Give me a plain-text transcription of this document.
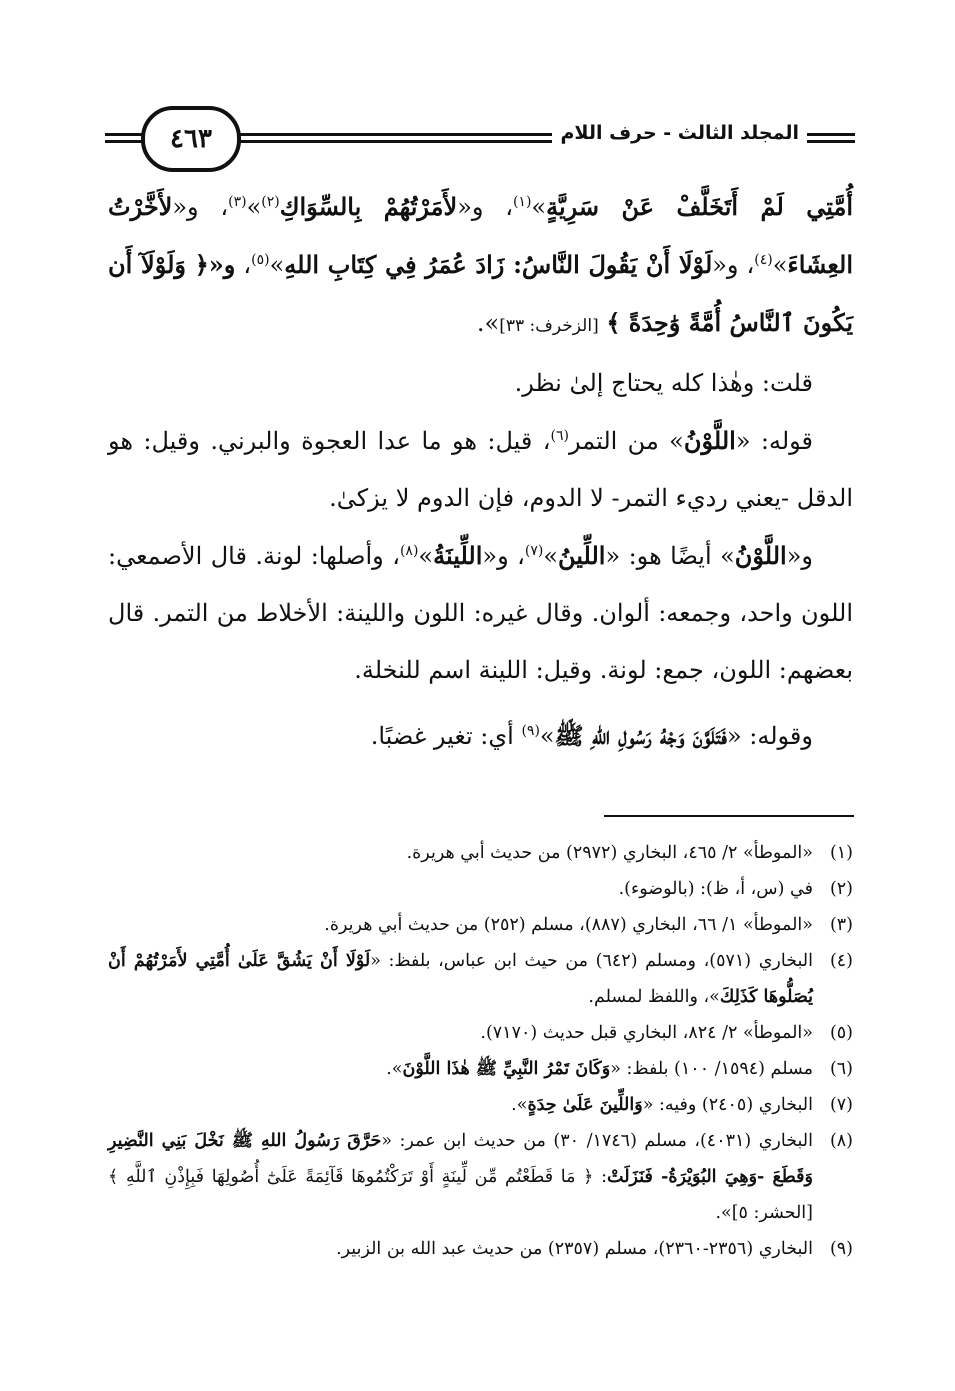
٤٦٣	المجلد الثالث - حرف اللام

أُمَّتِي لَمْ أَتَخَلَّفْ عَنْ سَرِيَّةٍ»$^{(١)}$، و«لأَمَرْتُهُمْ بِالسِّوَاكِ$^{(٢)}$»$^{(٣)}$، و«لأَخَّرْتُ العِشَاءَ»$^{(٤)}$، و«لَوْلَا أَنْ يَقُولَ النَّاسُ: زَادَ عُمَرُ فِي كِتَابِ اللهِ»$^{(٥)}$، و«﴿ وَلَوْلَآ أَن يَكُونَ ٱلنَّاسُ أُمَّةً وَٰحِدَةً ﴾ [الزخرف: ٣٣]».

قلت: وهٰذا كله يحتاج إلىٰ نظر.

قوله: «اللَّوْنُ» من التمر$^{(٦)}$، قيل: هو ما عدا العجوة والبرني. وقيل: هو الدقل -يعني رديء التمر- لا الدوم، فإن الدوم لا يزكىٰ.

و«اللَّوْنُ» أيضًا هو: «اللِّينُ»$^{(٧)}$، و«اللِّينَةُ»$^{(٨)}$، وأصلها: لونة. قال الأصمعي: اللون واحد، وجمعه: ألوان. وقال غيره: اللون واللينة: الأخلاط من التمر. قال بعضهم: اللون، جمع: لونة. وقيل: اللينة اسم للنخلة.

وقوله: «فَتَلَوَّنَ وَجْهُ رَسُولِ اللهِ ﷺ»$^{(٩)}$ أي: تغير غضبًا.

(١)
«الموطأ» ٢/ ٤٦٥، البخاري (٢٩٧٢) من حديث أبي هريرة.
(٢)
في (س، أ، ظ): (بالوضوء).
(٣)
«الموطأ» ١/ ٦٦، البخاري (٨٨٧)، مسلم (٢٥٢) من حديث أبي هريرة.
(٤)
البخاري (٥٧١)، ومسلم (٦٤٢) من حيث ابن عباس، بلفظ: «لَوْلَا أَنْ يَشُقَّ عَلَىٰ أُمَّتِي لأَمَرْتُهُمْ أَنْ يُصَلُّوهَا كَذَلِكَ»، واللفظ لمسلم.
(٥)
«الموطأ» ٢/ ٨٢٤، البخاري قبل حديث (٧١٧٠).
(٦)
مسلم (١٥٩٤/ ١٠٠) بلفظ: «وَكَانَ تَمْرُ النَّبِيِّ ﷺ هٰذَا اللَّوْنَ».
(٧)
البخاري (٢٤٠٥) وفيه: «وَاللِّينَ عَلَىٰ حِدَةٍ».
(٨)
البخاري (٤٠٣١)، مسلم (١٧٤٦/ ٣٠) من حديث ابن عمر: «حَرَّقَ رَسُولُ اللهِ ﷺ نَخْلَ بَنِي النَّضِيرِ وَقَطَعَ -وَهِيَ البُوَيْرَةُ- فَنَزَلَتْ: ﴿ مَا قَطَعْتُم مِّن لِّينَةٍ أَوْ تَرَكْتُمُوهَا قَآئِمَةً عَلَىٰٓ أُصُولِهَا فَبِإِذْنِ ٱللَّهِ ﴾ [الحشر: ٥]».
(٩)
البخاري (٢٣٥٦-٢٣٦٠)، مسلم (٢٣٥٧) من حديث عبد الله بن الزبير.
